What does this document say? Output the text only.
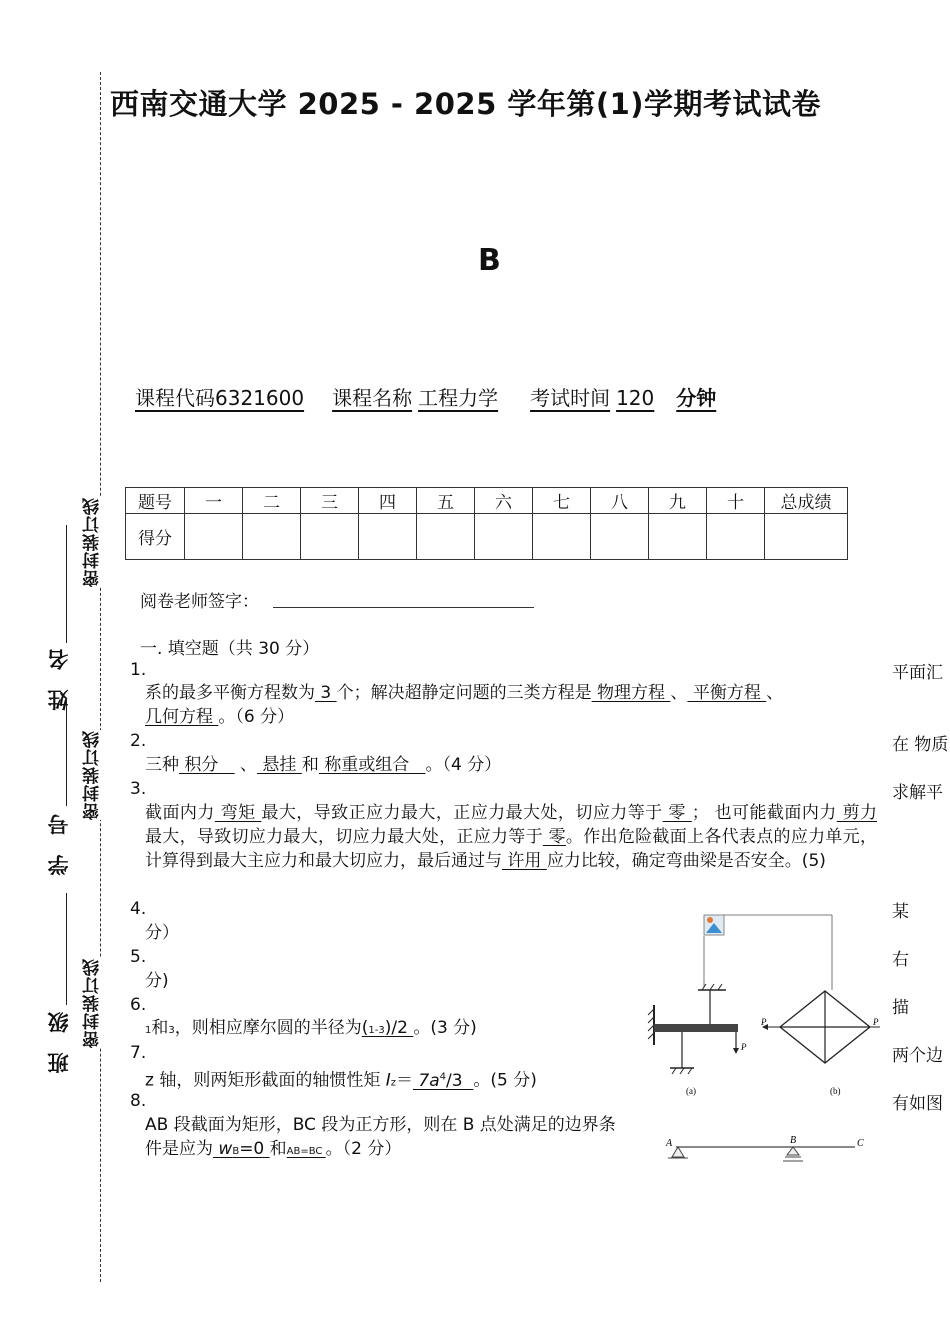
密封装订线
密封装订线
密封装订线
姓 名
学 号
班 级
西南交通大学 2025 - 2025 学年第(1)学期考试试卷
B
课程代码6321600 课程名称 工程力学 考试时间 120 分钟
题号	一	二	三	四	五	六	七	八	九	十	总成绩
得分											
阅卷老师签字：
一. 填空题（共 30 分）
1.
系的最多平衡方程数为 3 个；解决超静定问题的三类方程是 物理方程 、 平衡方程 、
几何方程 。（6 分）
2.
三种 积分    、 悬挂 和 称重或组合   。（4 分）
3.
截面内力 弯矩 最大，导致正应力最大，正应力最大处，切应力等于 零 ； 也可能截面内力 剪力 最大，导致切应力最大，切应力最大处，正应力等于 零。作出危险截面上各代表点的应力单元，计算得到最大主应力和最大切应力，最后通过与 许用 应力比较，确定弯曲梁是否安全。(5)
4.
分）
5.
分)
6.
1和3，则相应摩尔圆的半径为(1-3)/2 。(3 分)
7.
z 轴，则两矩形截面的轴惯性矩 $Iz= 7a^4/3$  。(5 分)
8.
AB 段截面为矩形，BC 段为正方形，则在 B 点处满足的边界条件是应为 wB=0 和AB=BC 。（2 分）
平面汇
在 物质
求解平
某
右
描
两个边
有如图
P
(a)
P	P
(b)
A	B	C
